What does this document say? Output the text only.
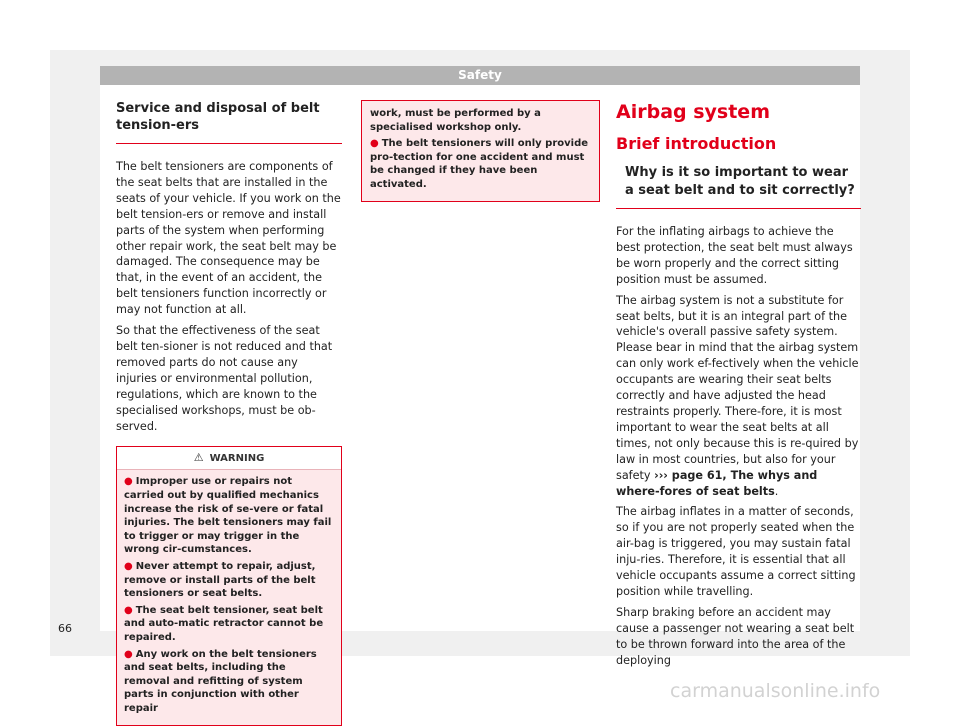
Safety
Service and disposal of belt tension-ers

The belt tensioners are components of the seat belts that are installed in the seats of your vehicle. If you work on the belt tension-ers or remove and install parts of the system when performing other repair work, the seat belt may be damaged. The consequence may be that, in the event of an accident, the belt tensioners function incorrectly or may not function at all.

So that the effectiveness of the seat belt ten-sioner is not reduced and that removed parts do not cause any injuries or environmental pollution, regulations, which are known to the specialised workshops, must be ob-served.

⚠ WARNING
● Improper use or repairs not carried out by qualified mechanics increase the risk of se-vere or fatal injuries. The belt tensioners may fail to trigger or may trigger in the wrong cir-cumstances.
● Never attempt to repair, adjust, remove or install parts of the belt tensioners or seat belts.
● The seat belt tensioner, seat belt and auto-matic retractor cannot be repaired.
● Any work on the belt tensioners and seat belts, including the removal and refitting of system parts in conjunction with other repair
work, must be performed by a specialised workshop only.
● The belt tensioners will only provide pro-tection for one accident and must be changed if they have been activated.
Airbag system
Brief introduction
Why is it so important to wear a seat belt and to sit correctly?

For the inflating airbags to achieve the best protection, the seat belt must always be worn properly and the correct sitting position must be assumed.

The airbag system is not a substitute for seat belts, but it is an integral part of the vehicle's overall passive safety system. Please bear in mind that the airbag system can only work ef-fectively when the vehicle occupants are wearing their seat belts correctly and have adjusted the head restraints properly. There-fore, it is most important to wear the seat belts at all times, not only because this is re-quired by law in most countries, but also for your safety ››› page 61, The whys and where-fores of seat belts.

The airbag inflates in a matter of seconds, so if you are not properly seated when the air-bag is triggered, you may sustain fatal inju-ries. Therefore, it is essential that all vehicle occupants assume a correct sitting position while travelling.

Sharp braking before an accident may cause a passenger not wearing a seat belt to be thrown forward into the area of the deploying

66
carmanualsonline.info
